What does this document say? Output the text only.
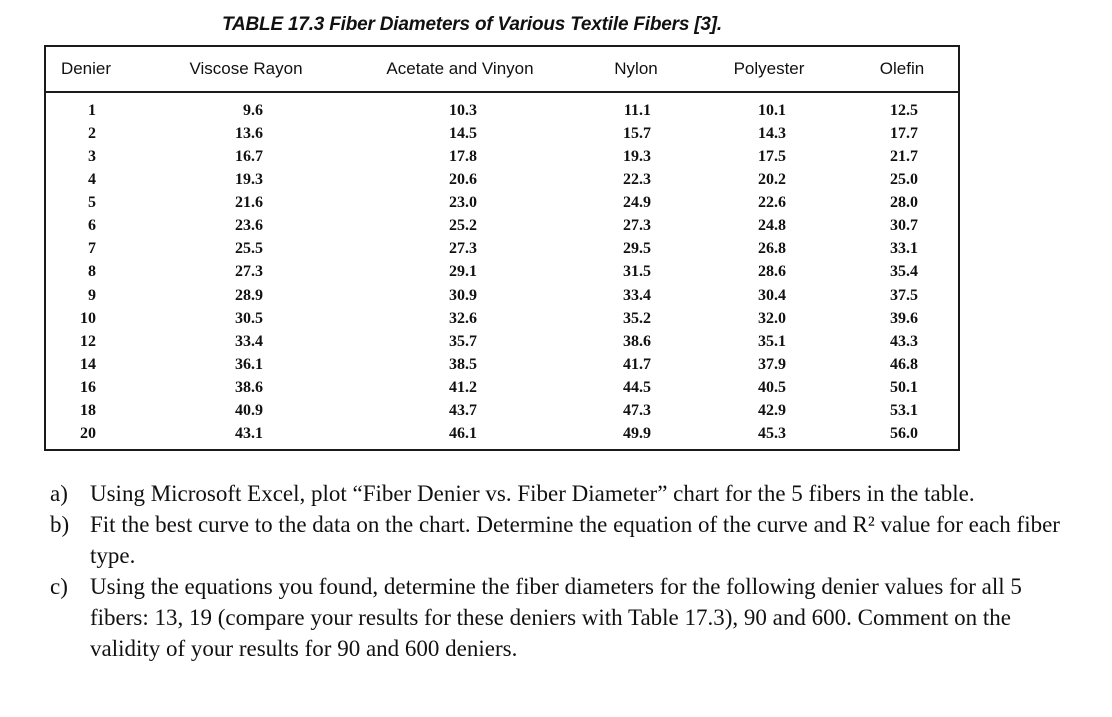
TABLE 17.3 Fiber Diameters of Various Textile Fibers [3].
Denier	Viscose Rayon	Acetate and Vinyon	Nylon	Polyester	Olefin
1	9.6	10.3	11.1	10.1	12.5
2	13.6	14.5	15.7	14.3	17.7
3	16.7	17.8	19.3	17.5	21.7
4	19.3	20.6	22.3	20.2	25.0
5	21.6	23.0	24.9	22.6	28.0
6	23.6	25.2	27.3	24.8	30.7
7	25.5	27.3	29.5	26.8	33.1
8	27.3	29.1	31.5	28.6	35.4
9	28.9	30.9	33.4	30.4	37.5
10	30.5	32.6	35.2	32.0	39.6
12	33.4	35.7	38.6	35.1	43.3
14	36.1	38.5	41.7	37.9	46.8
16	38.6	41.2	44.5	40.5	50.1
18	40.9	43.7	47.3	42.9	53.1
20	43.1	46.1	49.9	45.3	56.0
a) Using Microsoft Excel, plot “Fiber Denier vs. Fiber Diameter” chart for the 5 fibers in the table.
b) Fit the best curve to the data on the chart. Determine the equation of the curve and R² value for each fiber type.
c) Using the equations you found, determine the fiber diameters for the following denier values for all 5 fibers: 13, 19 (compare your results for these deniers with Table 17.3), 90 and 600. Comment on the validity of your results for 90 and 600 deniers.
